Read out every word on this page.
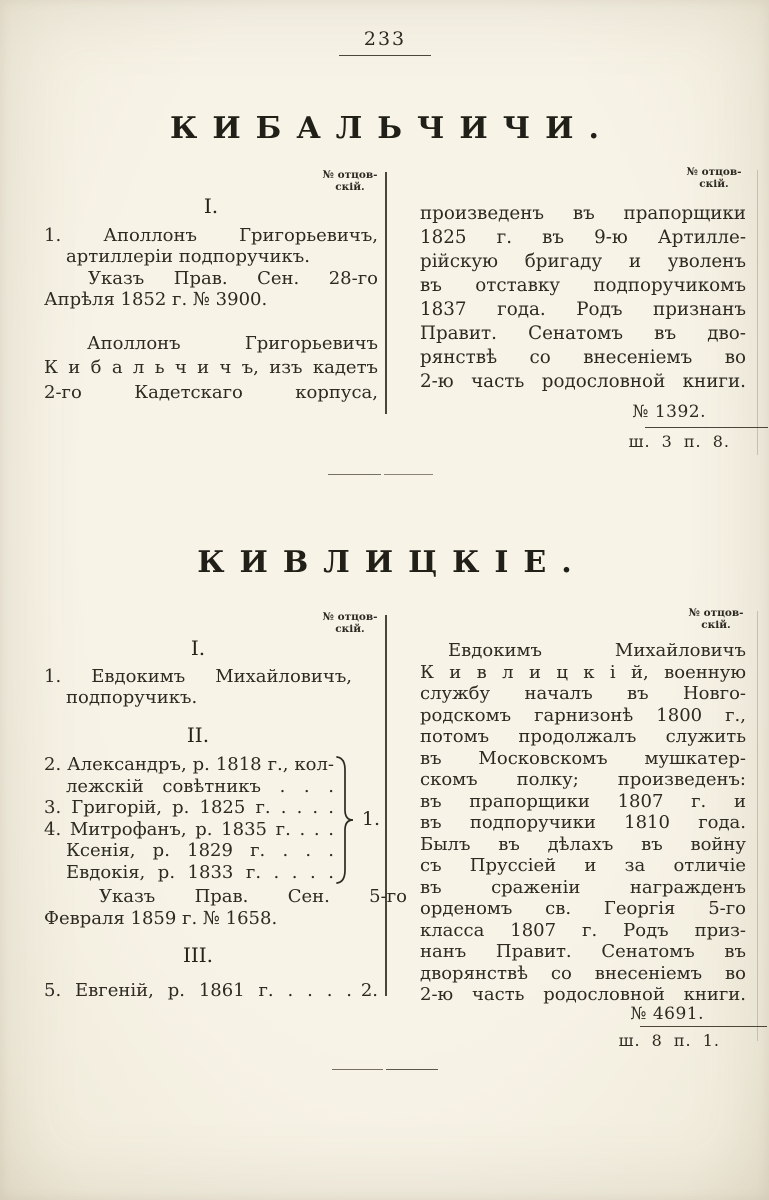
233
КИБАЛЬЧИЧИ.
№ отцов-
скій.
№ отцов-
скій.
I.
1. Аполлонъ Григорьевичъ,
артиллеріи подпоручикъ.
Указъ Прав. Сен. 28-го
Апрѣля 1852 г. № 3900.
Аполлонъ Григорьевичъ
К и б а л ь ч и ч ъ, изъ кадетъ
2-го Кадетскаго корпуса,
произведенъ въ прапорщики
1825 г. въ 9-ю Артилле-
рійскую бригаду и уволенъ
въ отставку подпоручикомъ
1837 года. Родъ признанъ
Правит. Сенатомъ въ дво-
рянствѣ со внесеніемъ во
2-ю часть родословной книги.
№ 1392.
ш. 3 п. 8.
КИВЛИЦКІЕ.
№ отцов-
скій.
№ отцов-
скій.
I.
1. Евдокимъ Михайловичъ,
подпоручикъ.
II.
2. Александръ, р. 1818 г., кол-
лежскій совѣтникъ . . .
3. Григорій, р. 1825 г. . . . .
4. Митрофанъ, р. 1835 г. . . .
Ксенія, р. 1829 г. . . .
Евдокія, р. 1833 г. . . . .
1.
Указъ Прав. Сен. 5-го
Февраля 1859 г. № 1658.
III.
5. Евгеній, р. 1861 г. . . . . 2.
Евдокимъ Михайловичъ
К и в л и ц к і й, военную
службу началъ въ Новго-
родскомъ гарнизонѣ 1800 г.,
потомъ продолжалъ служить
въ Московскомъ мушкатер-
скомъ полку; произведенъ:
въ прапорщики 1807 г. и
въ подпоручики 1810 года.
Былъ въ дѣлахъ въ войну
съ Пруссіей и за отличіе
въ сраженіи награжденъ
орденомъ св. Георгія 5-го
класса 1807 г. Родъ приз-
нанъ Правит. Сенатомъ въ
дворянствѣ со внесеніемъ во
2-ю часть родословной книги.
№ 4691.
ш. 8 п. 1.
